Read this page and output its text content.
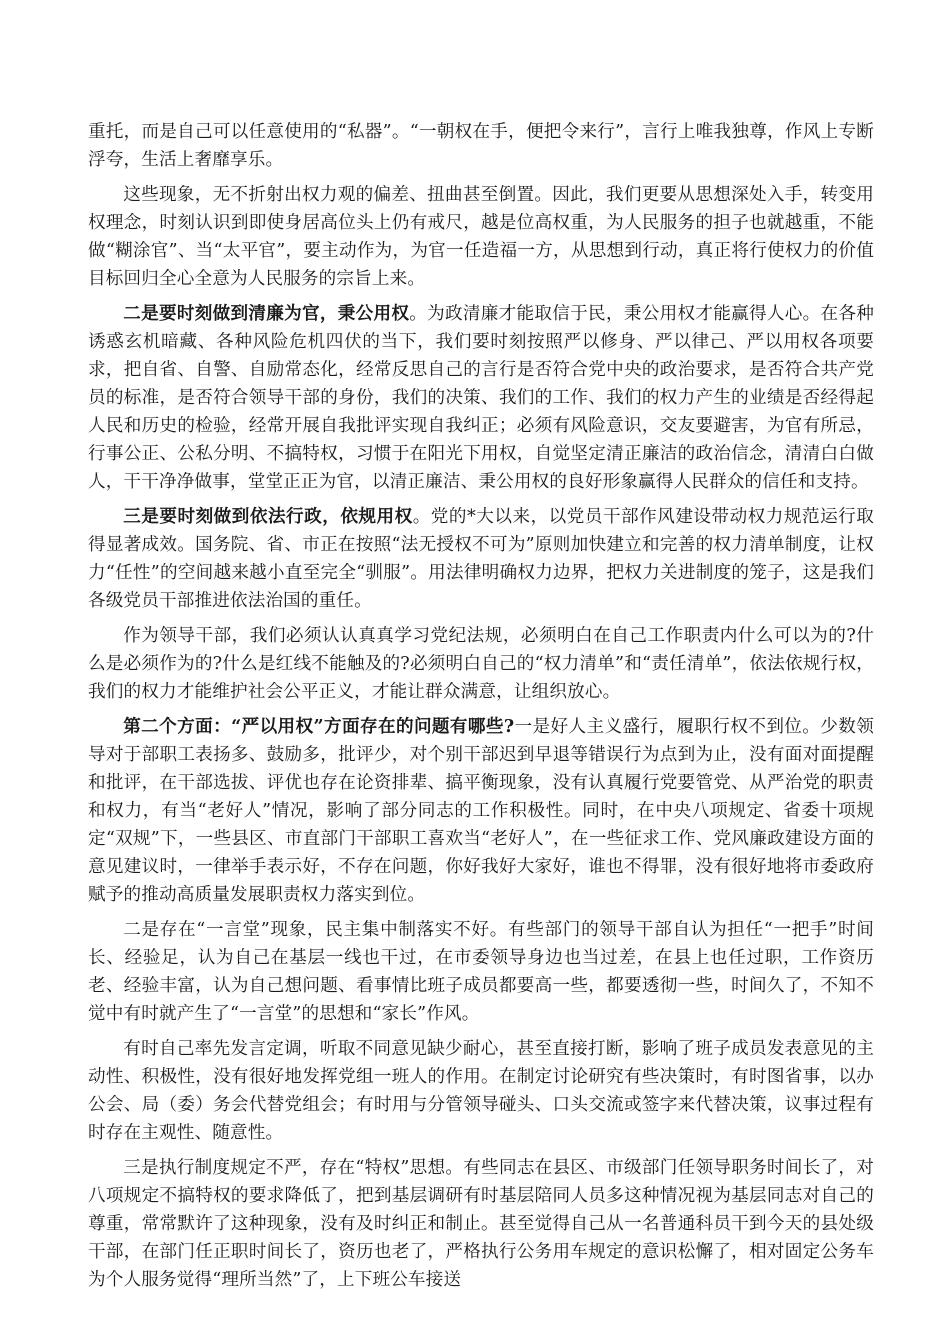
重托，而是自己可以任意使用的“私器”。“一朝权在手，便把令来行”，言行上唯我独尊，作风上专断浮夸，生活上奢靡享乐。

这些现象，无不折射出权力观的偏差、扭曲甚至倒置。因此，我们更要从思想深处入手，转变用权理念，时刻认识到即使身居高位头上仍有戒尺，越是位高权重，为人民服务的担子也就越重，不能做“糊涂官”、当“太平官”，要主动作为，为官一任造福一方，从思想到行动，真正将行使权力的价值目标回归全心全意为人民服务的宗旨上来。

二是要时刻做到清廉为官，秉公用权。为政清廉才能取信于民，秉公用权才能赢得人心。在各种诱惑玄机暗藏、各种风险危机四伏的当下，我们要时刻按照严以修身、严以律己、严以用权各项要求，把自省、自警、自励常态化，经常反思自己的言行是否符合党中央的政治要求，是否符合共产党员的标准，是否符合领导干部的身份，我们的决策、我们的工作、我们的权力产生的业绩是否经得起人民和历史的检验，经常开展自我批评实现自我纠正；必须有风险意识，交友要避害，为官有所忌，行事公正、公私分明、不搞特权，习惯于在阳光下用权，自觉坚定清正廉洁的政治信念，清清白白做人，干干净净做事，堂堂正正为官，以清正廉洁、秉公用权的良好形象赢得人民群众的信任和支持。

三是要时刻做到依法行政，依规用权。党的*大以来，以党员干部作风建设带动权力规范运行取得显著成效。国务院、省、市正在按照“法无授权不可为”原则加快建立和完善的权力清单制度，让权力“任性”的空间越来越小直至完全“驯服”。用法律明确权力边界，把权力关进制度的笼子，这是我们各级党员干部推进依法治国的重任。

作为领导干部，我们必须认认真真学习党纪法规，必须明白在自己工作职责内什么可以为的?什么是必须作为的?什么是红线不能触及的?必须明白自己的“权力清单”和“责任清单”，依法依规行权，我们的权力才能维护社会公平正义，才能让群众满意，让组织放心。

第二个方面：“严以用权”方面存在的问题有哪些?一是好人主义盛行，履职行权不到位。少数领导对于部职工表扬多、鼓励多，批评少，对个别干部迟到早退等错误行为点到为止，没有面对面提醒和批评，在干部选拔、评优也存在论资排辈、搞平衡现象，没有认真履行党要管党、从严治党的职责和权力，有当“老好人”情况，影响了部分同志的工作积极性。同时，在中央八项规定、省委十项规定“双规”下，一些县区、市直部门干部职工喜欢当“老好人”，在一些征求工作、党风廉政建设方面的意见建议时，一律举手表示好，不存在问题，你好我好大家好，谁也不得罪，没有很好地将市委政府赋予的推动高质量发展职责权力落实到位。

二是存在“一言堂”现象，民主集中制落实不好。有些部门的领导干部自认为担任“一把手”时间长、经验足，认为自己在基层一线也干过，在市委领导身边也当过差，在县上也任过职，工作资历老、经验丰富，认为自己想问题、看事情比班子成员都要高一些，都要透彻一些，时间久了，不知不觉中有时就产生了“一言堂”的思想和“家长”作风。

有时自己率先发言定调，听取不同意见缺少耐心，甚至直接打断，影响了班子成员发表意见的主动性、积极性，没有很好地发挥党组一班人的作用。在制定讨论研究有些决策时，有时图省事，以办公会、局（委）务会代替党组会；有时用与分管领导碰头、口头交流或签字来代替决策，议事过程有时存在主观性、随意性。

三是执行制度规定不严，存在“特权”思想。有些同志在县区、市级部门任领导职务时间长了，对八项规定不搞特权的要求降低了，把到基层调研有时基层陪同人员多这种情况视为基层同志对自己的尊重，常常默许了这种现象，没有及时纠正和制止。甚至觉得自己从一名普通科员干到今天的县处级干部，在部门任正职时间长了，资历也老了，严格执行公务用车规定的意识松懈了，相对固定公务车为个人服务觉得“理所当然”了，上下班公车接送
